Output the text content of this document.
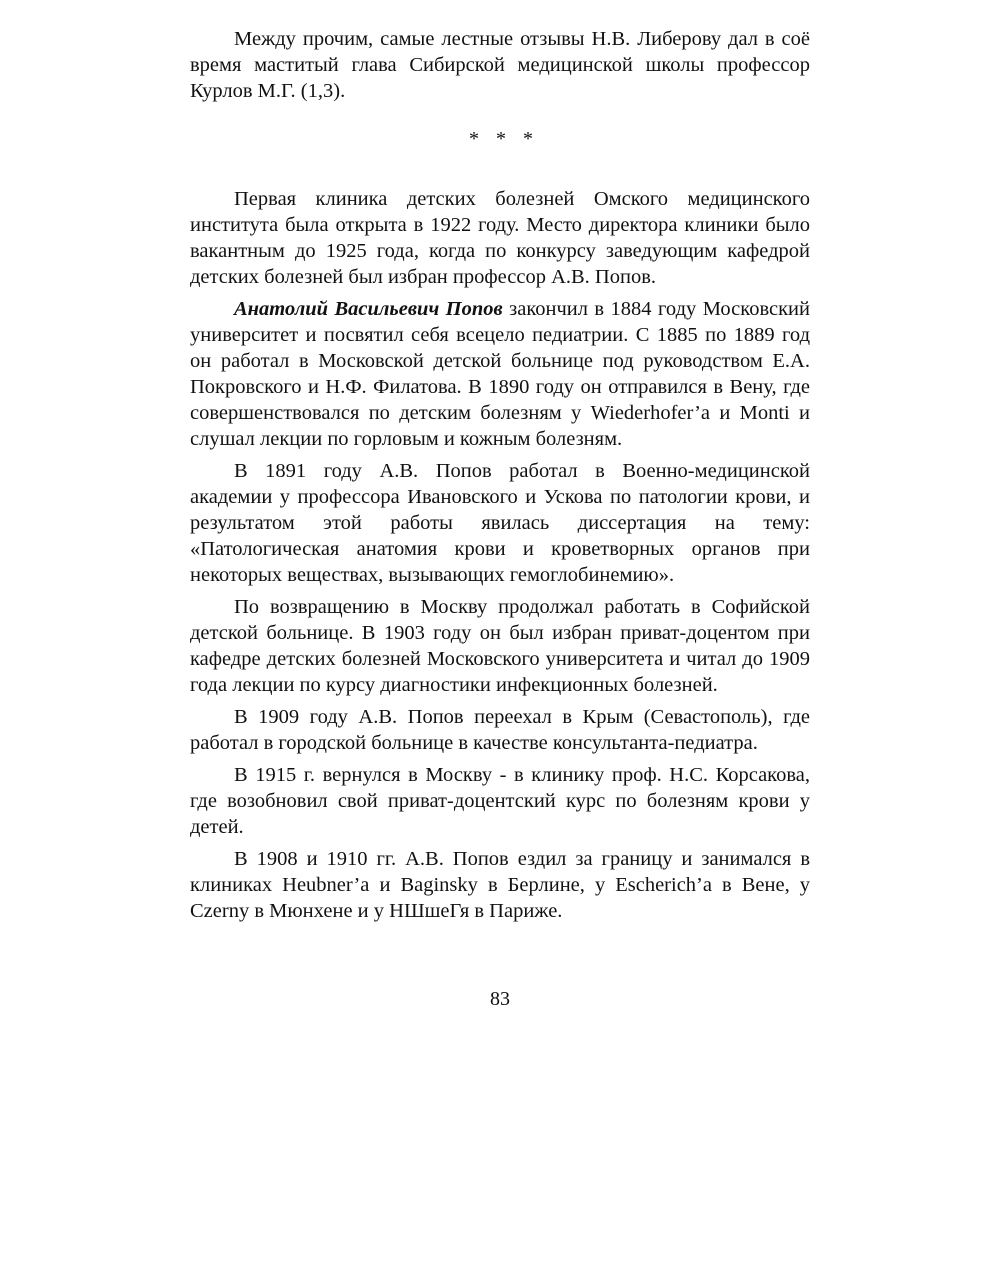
Между прочим, самые лестные отзывы Н.В. Либерову дал в соё время маститый глава Сибирской медицинской школы профессор Курлов М.Г. (1,3).

* * *

Первая клиника детских болезней Омского медицинского института была открыта в 1922 году. Место директора клиники было вакантным до 1925 года, когда по конкурсу заведующим кафедрой детских болезней был избран профессор А.В. Попов.

Анатолий Васильевич Попов закончил в 1884 году Московский университет и посвятил себя всецело педиатрии. С 1885 по 1889 год он работал в Московской детской больнице под руководством Е.А. Покровского и Н.Ф. Филатова. В 1890 году он отправился в Вену, где совершенствовался по детским болезням у Wiederhofer’a и Monti и слушал лекции по горловым и кожным болезням.

В 1891 году А.В. Попов работал в Военно-медицинской академии у профессора Ивановского и Ускова по патологии крови, и результатом этой работы явилась диссертация на тему: «Патологическая анатомия крови и кроветворных органов при некоторых веществах, вызывающих гемоглобинемию».

По возвращению в Москву продолжал работать в Софийской детской больнице. В 1903 году он был избран приват-доцентом при кафедре детских болезней Московского университета и читал до 1909 года лекции по курсу диагностики инфекционных болезней.

В 1909 году А.В. Попов переехал в Крым (Севастополь), где работал в городской больнице в качестве консультанта-педиатра.

В 1915 г. вернулся в Москву - в клинику проф. Н.С. Корсакова, где возобновил свой приват-доцентский курс по болезням крови у детей.

В 1908 и 1910 гг. А.В. Попов ездил за границу и занимался в клиниках Heubner’a и Baginsky в Берлине, у Escherich’a в Вене, у Czerny в Мюнхене и у НШшеГя в Париже.

83
